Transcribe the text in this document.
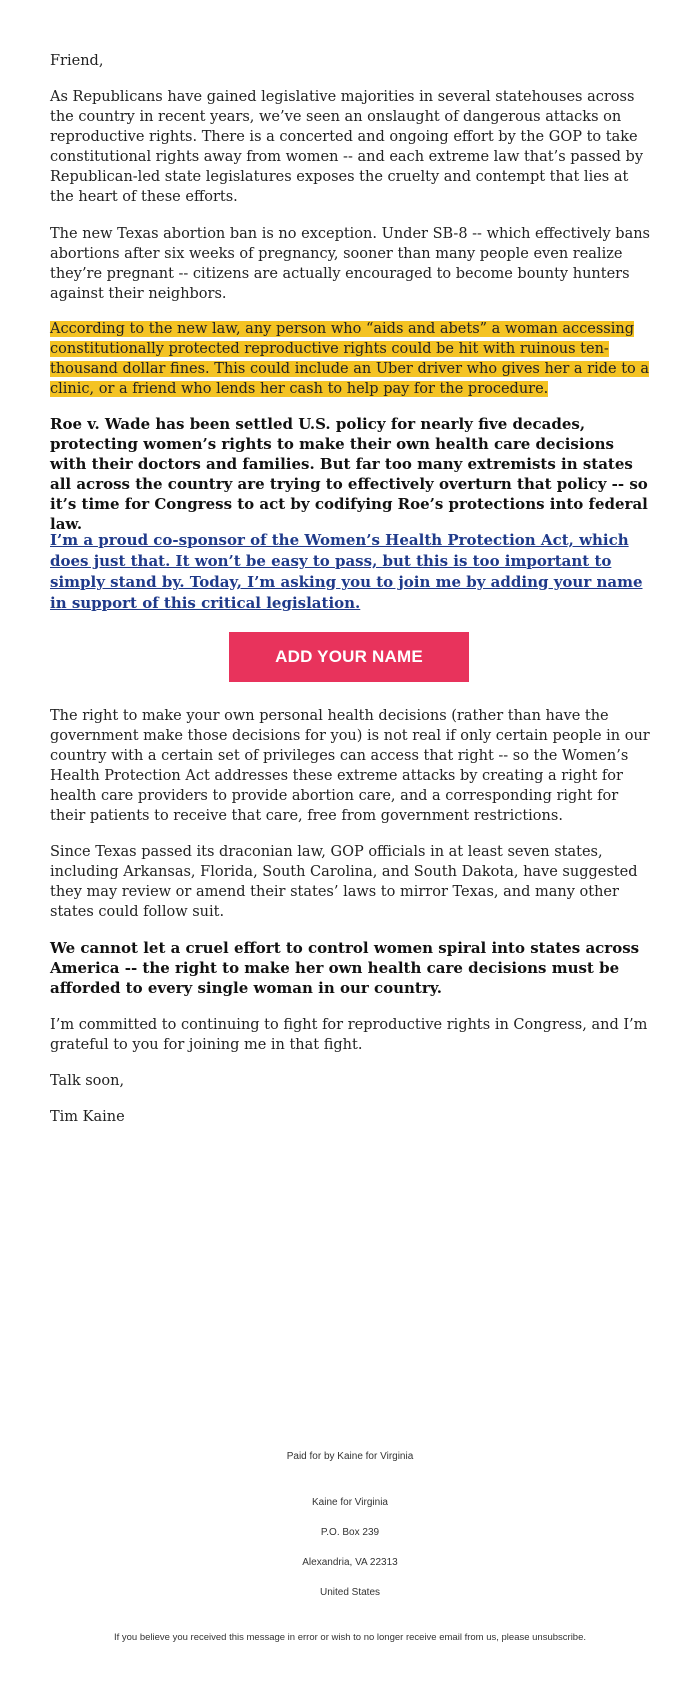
Friend,

As Republicans have gained legislative majorities in several statehouses across the country in recent years, we’ve seen an onslaught of dangerous attacks on reproductive rights. There is a concerted and ongoing effort by the GOP to take constitutional rights away from women -- and each extreme law that’s passed by Republican-led state legislatures exposes the cruelty and contempt that lies at the heart of these efforts.

The new Texas abortion ban is no exception. Under SB-8 -- which effectively bans abortions after six weeks of pregnancy, sooner than many people even realize they’re pregnant -- citizens are actually encouraged to become bounty hunters against their neighbors.

According to the new law, any person who “aids and abets” a woman accessing constitutionally protected reproductive rights could be hit with ruinous ten-thousand dollar fines. This could include an Uber driver who gives her a ride to a clinic, or a friend who lends her cash to help pay for the procedure.

Roe v. Wade has been settled U.S. policy for nearly five decades, protecting women’s rights to make their own health care decisions with their doctors and families. But far too many extremists in states all across the country are trying to effectively overturn that policy -- so it’s time for Congress to act by codifying Roe’s protections into federal law.

I’m a proud co-sponsor of the Women’s Health Protection Act, which does just that. It won’t be easy to pass, but this is too important to simply stand by. Today, I’m asking you to join me by adding your name in support of this critical legislation.

ADD YOUR NAME

The right to make your own personal health decisions (rather than have the government make those decisions for you) is not real if only certain people in our country with a certain set of privileges can access that right -- so the Women’s Health Protection Act addresses these extreme attacks by creating a right for health care providers to provide abortion care, and a corresponding right for their patients to receive that care, free from government restrictions.

Since Texas passed its draconian law, GOP officials in at least seven states, including Arkansas, Florida, South Carolina, and South Dakota, have suggested they may review or amend their states’ laws to mirror Texas, and many other states could follow suit.

We cannot let a cruel effort to control women spiral into states across America -- the right to make her own health care decisions must be afforded to every single woman in our country.

I’m committed to continuing to fight for reproductive rights in Congress, and I’m grateful to you for joining me in that fight.

Talk soon,

Tim Kaine

Paid for by Kaine for Virginia
Kaine for Virginia
P.O. Box 239
Alexandria, VA 22313
United States
If you believe you received this message in error or wish to no longer receive email from us, please unsubscribe.
